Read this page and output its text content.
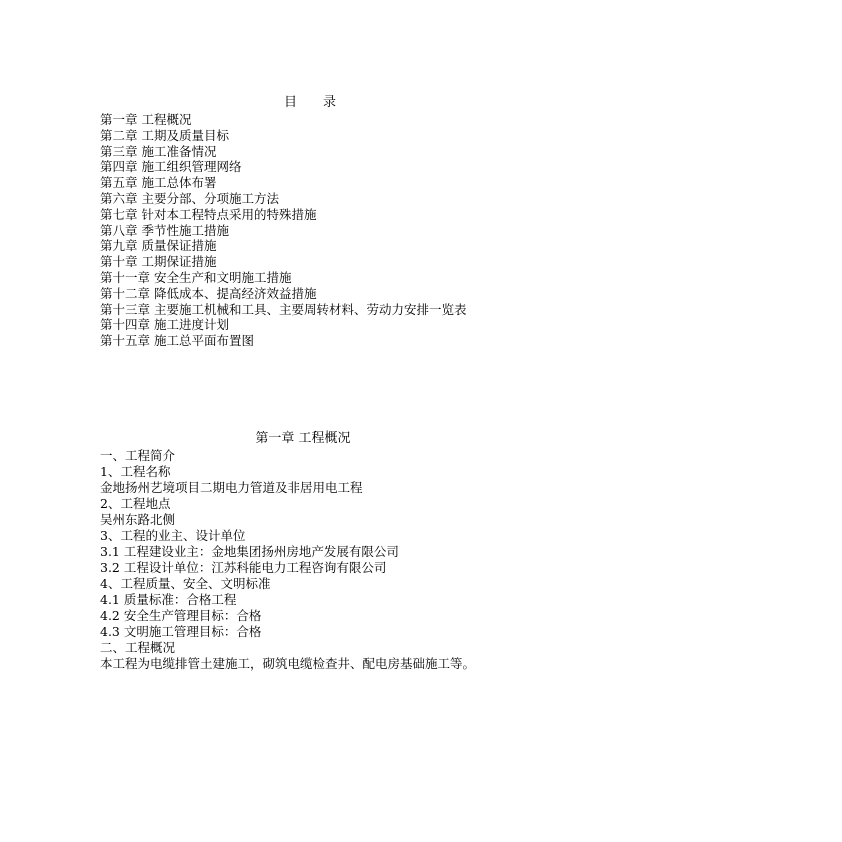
目　　录
第一章 工程概况
第二章 工期及质量目标
第三章 施工准备情况
第四章 施工组织管理网络
第五章 施工总体布署
第六章 主要分部、分项施工方法
第七章 针对本工程特点采用的特殊措施
第八章 季节性施工措施
第九章 质量保证措施
第十章 工期保证措施
第十一章 安全生产和文明施工措施
第十二章 降低成本、提高经济效益措施
第十三章 主要施工机械和工具、主要周转材料、劳动力安排一览表
第十四章 施工进度计划
第十五章 施工总平面布置图
第一章 工程概况
一、工程简介
1、工程名称
金地扬州艺境项目二期电力管道及非居用电工程
2、工程地点
吴州东路北侧
3、工程的业主、设计单位
3.1 工程建设业主：金地集团扬州房地产发展有限公司
3.2 工程设计单位：江苏科能电力工程咨询有限公司
4、工程质量、安全、文明标准
4.1 质量标准：合格工程
4.2 安全生产管理目标：合格
4.3 文明施工管理目标：合格
二、工程概况
本工程为电缆排管土建施工，砌筑电缆检查井、配电房基础施工等。
